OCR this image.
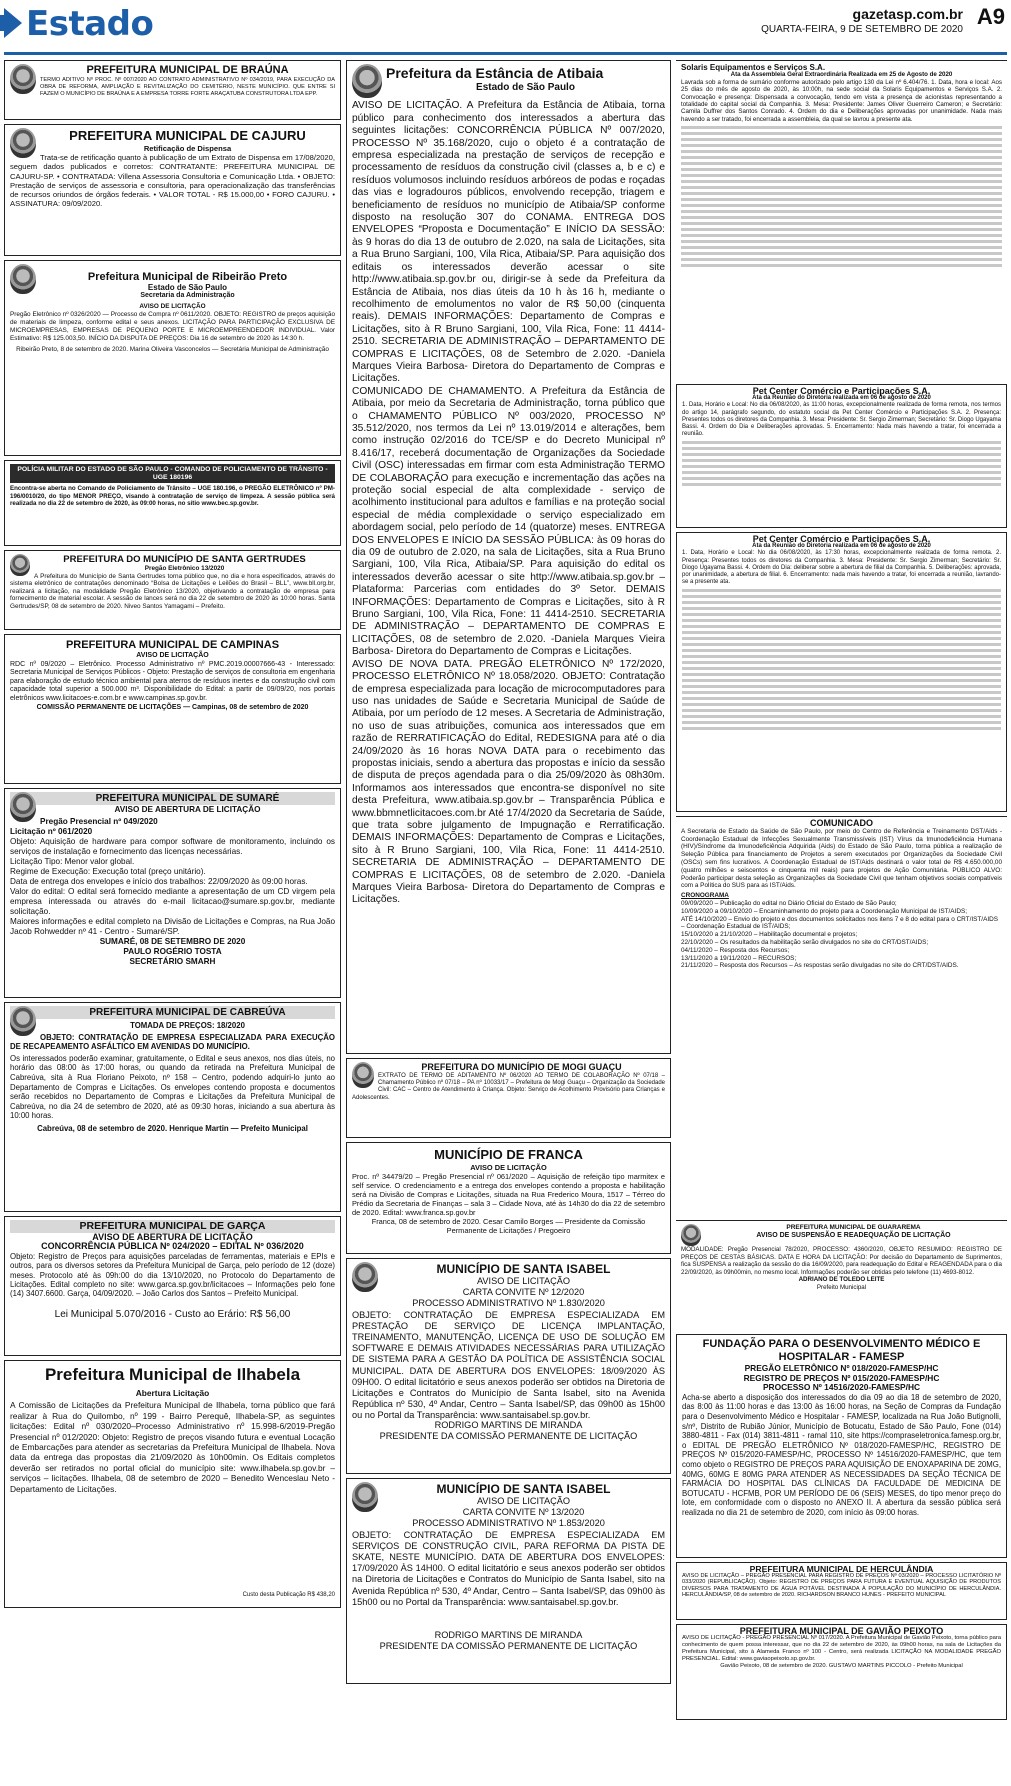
Estado	gazetasp.com.br
QUARTA-FEIRA, 9 DE SETEMBRO DE 2020
A9
PREFEITURA MUNICIPAL DE BRAÚNA
TERMO ADITIVO Nº PROC. Nº 007/2020 AO CONTRATO ADMINISTRATIVO Nº 034/2019, PARA EXECUÇÃO DA OBRA DE REFORMA, AMPLIAÇÃO E REVITALIZAÇÃO DO CEMITÉRIO, NESTE MUNICÍPIO. QUE ENTRE SI FAZEM O MUNICÍPIO DE BRAÚNA E A EMPRESA TORRE FORTE ARAÇATUBA CONSTRUTORA LTDA EPP.
PREFEITURA MUNICIPAL DE CAJURU
Retificação de Dispensa
Trata-se de retificação quanto à publicação de um Extrato de Dispensa em 17/08/2020, seguem dados publicados e corretos: CONTRATANTE: PREFEITURA MUNICIPAL DE CAJURU-SP. • CONTRATADA: Villena Assessoria Consultoria e Comunicação Ltda. • OBJETO: Prestação de serviços de assessoria e consultoria, para operacionalização das transferências de recursos oriundos de órgãos federais. • VALOR TOTAL - R$ 15.000,00 • FORO CAJURU. • ASSINATURA: 09/09/2020.
Prefeitura Municipal de Ribeirão Preto
Estado de São Paulo
Secretaria da Administração
AVISO DE LICITAÇÃO
Pregão Eletrônico nº 0326/2020 — Processo de Compra nº 0611/2020. OBJETO: REGISTRO de preços aquisição de materiais de limpeza, conforme edital e seus anexos. LICITAÇÃO PARA PARTICIPAÇÃO EXCLUSIVA DE MICROEMPRESAS, EMPRESAS DE PEQUENO PORTE E MICROEMPREENDEDOR INDIVIDUAL. Valor Estimativo: R$ 125.003,50. INÍCIO DA DISPUTA DE PREÇOS: Dia 16 de setembro de 2020 às 14:30 h.
Ribeirão Preto, 8 de setembro de 2020. Marina Oliveira Vasconcelos — Secretária Municipal de Administração
POLÍCIA MILITAR DO ESTADO DE SÃO PAULO - COMANDO DE POLICIAMENTO DE TRÂNSITO - UGE 180196
Encontra-se aberta no Comando de Policiamento de Trânsito – UGE 180.196, o PREGÃO ELETRÔNICO nº PM-196/0010/20, do tipo MENOR PREÇO, visando à contratação de serviço de limpeza. A sessão pública será realizada no dia 22 de setembro de 2020, às 09:00 horas, no sítio www.bec.sp.gov.br.
PREFEITURA DO MUNICÍPIO DE SANTA GERTRUDES
Pregão Eletrônico 13/2020
A Prefeitura do Município de Santa Gertrudes torna público que, no dia e hora especificados, através do sistema eletrônico de contratações denominado “Bolsa de Licitações e Leilões do Brasil – BLL”, www.bll.org.br, realizará a licitação, na modalidade Pregão Eletrônico 13/2020, objetivando a contratação de empresa para fornecimento de material escolar. A sessão de lances será no dia 22 de setembro de 2020 às 10:00 horas. Santa Gertrudes/SP, 08 de setembro de 2020. Niveo Santos Yamagami – Prefeito.
PREFEITURA MUNICIPAL DE CAMPINAS
AVISO DE LICITAÇÃO
RDC nº 09/2020 – Eletrônico. Processo Administrativo nº PMC.2019.00007666-43 - Interessado: Secretaria Municipal de Serviços Públicos - Objeto: Prestação de serviços de consultoria em engenharia para elaboração de estudo técnico ambiental para aterros de resíduos inertes e da construção civil com capacidade total superior a 500.000 m³. Disponibilidade do Edital: a partir de 09/09/20, nos portais eletrônicos www.licitacoes-e.com.br e www.campinas.sp.gov.br.
COMISSÃO PERMANENTE DE LICITAÇÕES — Campinas, 08 de setembro de 2020
PREFEITURA MUNICIPAL DE SUMARÉ
AVISO DE ABERTURA DE LICITAÇÃO
Pregão Presencial nº 049/2020
Licitação nº 061/2020
Objeto: Aquisição de hardware para compor software de monitoramento, incluindo os serviços de instalação e fornecimento das licenças necessárias.
Licitação Tipo: Menor valor global.
Regime de Execução: Execução total (preço unitário).
Data de entrega dos envelopes e início dos trabalhos: 22/09/2020 às 09:00 horas.
Valor do edital: O edital será fornecido mediante a apresentação de um CD virgem pela empresa interessada ou através do e-mail licitacao@sumare.sp.gov.br, mediante solicitação.
Maiores informações e edital completo na Divisão de Licitações e Compras, na Rua João Jacob Rohwedder nº 41 - Centro - Sumaré/SP.
SUMARÉ, 08 DE SETEMBRO DE 2020
PAULO ROGÉRIO TOSTA
SECRETÁRIO SMARH
PREFEITURA MUNICIPAL DE CABREÚVA
TOMADA DE PREÇOS: 18/2020
OBJETO: CONTRATAÇÃO DE EMPRESA ESPECIALIZADA PARA EXECUÇÃO DE RECAPEAMENTO ASFÁLTICO EM AVENIDAS DO MUNICÍPIO.
Os interessados poderão examinar, gratuitamente, o Edital e seus anexos, nos dias úteis, no horário das 08:00 às 17:00 horas, ou quando da retirada na Prefeitura Municipal de Cabreúva, sita à Rua Floriano Peixoto, nº 158 – Centro, podendo adquiri-lo junto ao Departamento de Compras e Licitações. Os envelopes contendo proposta e documentos serão recebidos no Departamento de Compras e Licitações da Prefeitura Municipal de Cabreúva, no dia 24 de setembro de 2020, até as 09:30 horas, iniciando a sua abertura às 10:00 horas.
Cabreúva, 08 de setembro de 2020. Henrique Martin — Prefeito Municipal
PREFEITURA MUNICIPAL DE GARÇA
AVISO DE ABERTURA DE LICITAÇÃO
CONCORRÊNCIA PÚBLICA Nº 024/2020 – EDITAL Nº 036/2020
Objeto: Registro de Preços para aquisições parceladas de ferramentas, materiais e EPIs e outros, para os diversos setores da Prefeitura Municipal de Garça, pelo período de 12 (doze) meses. Protocolo até às 09h:00 do dia 13/10/2020, no Protocolo do Departamento de Licitações. Edital completo no site: www.garca.sp.gov.br/licitacoes – Informações pelo fone (14) 3407.6600. Garça, 04/09/2020. – João Carlos dos Santos – Prefeito Municipal.
Lei Municipal 5.070/2016 - Custo ao Erário: R$ 56,00
Prefeitura Municipal de Ilhabela
Abertura Licitação
A Comissão de Licitações da Prefeitura Municipal de Ilhabela, torna público que fará realizar à Rua do Quilombo, nº 199 - Bairro Perequê, Ilhabela-SP, as seguintes licitações: Edital nº 030/2020–Processo Administrativo nº 15.998-6/2019-Pregão Presencial nº 012/2020: Objeto: Registro de preços visando futura e eventual Locação de Embarcações para atender as secretarias da Prefeitura Municipal de Ilhabela. Nova data da entrega das propostas dia 21/09/2020 às 10h00min. Os Editais completos deverão ser retirados no portal oficial do município site: www.ilhabela.sp.gov.br – serviços – licitações. Ilhabela, 08 de setembro de 2020 – Benedito Wenceslau Neto - Departamento de Licitações.
Custo desta Publicação R$ 438,20
Prefeitura da Estância de Atibaia
Estado de São Paulo
AVISO DE LICITAÇÃO. A Prefeitura da Estância de Atibaia, torna público para conhecimento dos interessados a abertura das seguintes licitações: CONCORRÊNCIA PÚBLICA Nº 007/2020, PROCESSO Nº 35.168/2020, cujo o objeto é a contratação de empresa especializada na prestação de serviços de recepção e processamento de resíduos da construção civil (classes a, b e c) e resíduos volumosos incluindo resíduos arbóreos de podas e roçadas das vias e logradouros públicos, envolvendo recepção, triagem e beneficiamento de resíduos no município de Atibaia/SP conforme disposto na resolução 307 do CONAMA. ENTREGA DOS ENVELOPES “Proposta e Documentação” E INÍCIO DA SESSÃO: às 9 horas do dia 13 de outubro de 2.020, na sala de Licitações, sita a Rua Bruno Sargiani, 100, Vila Rica, Atibaia/SP. Para aquisição dos editais os interessados deverão acessar o site http://www.atibaia.sp.gov.br ou, dirigir-se à sede da Prefeitura da Estância de Atibaia, nos dias úteis da 10 h às 16 h, mediante o recolhimento de emolumentos no valor de R$ 50,00 (cinquenta reais). DEMAIS INFORMAÇÕES: Departamento de Compras e Licitações, sito à R Bruno Sargiani, 100, Vila Rica, Fone: 11 4414-2510. SECRETARIA DE ADMINISTRAÇÃO – DEPARTAMENTO DE COMPRAS E LICITAÇÕES, 08 de Setembro de 2.020. -Daniela Marques Vieira Barbosa- Diretora do Departamento de Compras e Licitações.
COMUNICADO DE CHAMAMENTO. A Prefeitura da Estância de Atibaia, por meio da Secretaria de Administração, torna público que o CHAMAMENTO PÚBLICO Nº 003/2020, PROCESSO Nº 35.512/2020, nos termos da Lei nº 13.019/2014 e alterações, bem como instrução 02/2016 do TCE/SP e do Decreto Municipal nº 8.416/17, receberá documentação de Organizações da Sociedade Civil (OSC) interessadas em firmar com esta Administração TERMO DE COLABORAÇÃO para execução e incrementação das ações na proteção social especial de alta complexidade - serviço de acolhimento institucional para adultos e famílias e na proteção social especial de média complexidade o serviço especializado em abordagem social, pelo período de 14 (quatorze) meses. ENTREGA DOS ENVELOPES E INÍCIO DA SESSÃO PÚBLICA: às 09 horas do dia 09 de outubro de 2.020, na sala de Licitações, sita a Rua Bruno Sargiani, 100, Vila Rica, Atibaia/SP. Para aquisição do edital os interessados deverão acessar o site http://www.atibaia.sp.gov.br – Plataforma: Parcerias com entidades do 3º Setor. DEMAIS INFORMAÇÕES: Departamento de Compras e Licitações, sito à R Bruno Sargiani, 100, Vila Rica, Fone: 11 4414-2510. SECRETARIA DE ADMINISTRAÇÃO – DEPARTAMENTO DE COMPRAS E LICITAÇÕES, 08 de setembro de 2.020. -Daniela Marques Vieira Barbosa- Diretora do Departamento de Compras e Licitações.
AVISO DE NOVA DATA. PREGÃO ELETRÔNICO Nº 172/2020, PROCESSO ELETRÔNICO Nº 18.058/2020. OBJETO: Contratação de empresa especializada para locação de microcomputadores para uso nas unidades de Saúde e Secretaria Municipal de Saúde de Atibaia, por um período de 12 meses. A Secretaria de Administração, no uso de suas atribuições, comunica aos interessados que em razão de RERRATIFICAÇÃO do Edital, REDESIGNA para até o dia 24/09/2020 às 16 horas NOVA DATA para o recebimento das propostas iniciais, sendo a abertura das propostas e início da sessão de disputa de preços agendada para o dia 25/09/2020 às 08h30m. Informamos aos interessados que encontra-se disponível no site desta Prefeitura, www.atibaia.sp.gov.br – Transparência Pública e www.bbmnetlicitacoes.com.br Até 17/4/2020 da Secretaria de Saúde, que trata sobre julgamento de Impugnação e Rerratificação. DEMAIS INFORMAÇÕES: Departamento de Compras e Licitações, sito à R Bruno Sargiani, 100, Vila Rica, Fone: 11 4414-2510. SECRETARIA DE ADMINISTRAÇÃO – DEPARTAMENTO DE COMPRAS E LICITAÇÕES, 08 de setembro de 2.020. -Daniela Marques Vieira Barbosa- Diretora do Departamento de Compras e Licitações.
PREFEITURA DO MUNICÍPIO DE MOGI GUAÇU
EXTRATO DE TERMO DE ADITAMENTO Nº 06/2020 AO TERMO DE COLABORAÇÃO Nº 07/18 – Chamamento Público nº 07/18 – PA nº 10033/17 – Prefeitura de Mogi Guaçu – Organização da Sociedade Civil: CAC – Centro de Atendimento à Criança. Objeto: Serviço de Acolhimento Provisório para Crianças e Adolescentes.
MUNICÍPIO DE FRANCA
AVISO DE LICITAÇÃO
Proc. nº 34479/20 – Pregão Presencial nº 061/2020 – Aquisição de refeição tipo marmitex e self service. O credenciamento e a entrega dos envelopes contendo a proposta e habilitação será na Divisão de Compras e Licitações, situada na Rua Frederico Moura, 1517 – Térreo do Prédio da Secretaria de Finanças – sala 3 – Cidade Nova, até às 14h30 do dia 22 de setembro de 2020. Edital: www.franca.sp.gov.br
Franca, 08 de setembro de 2020. Cesar Camilo Borges — Presidente da Comissão Permanente de Licitações / Pregoeiro
MUNICÍPIO DE SANTA ISABEL
AVISO DE LICITAÇÃO
CARTA CONVITE Nº 12/2020
PROCESSO ADMINISTRATIVO Nº 1.830/2020
OBJETO: CONTRATAÇÃO DE EMPRESA ESPECIALIZADA EM PRESTAÇÃO DE SERVIÇO DE LICENÇA IMPLANTAÇÃO, TREINAMENTO, MANUTENÇÃO, LICENÇA DE USO DE SOLUÇÃO EM SOFTWARE E DEMAIS ATIVIDADES NECESSÁRIAS PARA UTILIZAÇÃO DE SISTEMA PARA A GESTÃO DA POLÍTICA DE ASSISTÊNCIA SOCIAL MUNICIPAL. DATA DE ABERTURA DOS ENVELOPES: 18/09/2020 ÀS 09H00. O edital licitatório e seus anexos poderão ser obtidos na Diretoria de Licitações e Contratos do Município de Santa Isabel, sito na Avenida República nº 530, 4º Andar, Centro – Santa Isabel/SP, das 09h00 às 15h00 ou no Portal da Transparência: www.santaisabel.sp.gov.br.
RODRIGO MARTINS DE MIRANDA
PRESIDENTE DA COMISSÃO PERMANENTE DE LICITAÇÃO
MUNICÍPIO DE SANTA ISABEL
AVISO DE LICITAÇÃO
CARTA CONVITE Nº 13/2020
PROCESSO ADMINISTRATIVO Nº 1.853/2020
OBJETO: CONTRATAÇÃO DE EMPRESA ESPECIALIZADA EM SERVIÇOS DE CONSTRUÇÃO CIVIL, PARA REFORMA DA PISTA DE SKATE, NESTE MUNICÍPIO. DATA DE ABERTURA DOS ENVELOPES: 17/09/2020 ÀS 14H00. O edital licitatório e seus anexos poderão ser obtidos na Diretoria de Licitações e Contratos do Município de Santa Isabel, sito na Avenida República nº 530, 4º Andar, Centro – Santa Isabel/SP, das 09h00 às 15h00 ou no Portal da Transparência: www.santaisabel.sp.gov.br.
RODRIGO MARTINS DE MIRANDA
PRESIDENTE DA COMISSÃO PERMANENTE DE LICITAÇÃO
Solaris Equipamentos e Serviços S.A.
Ata da Assembleia Geral Extraordinária Realizada em 25 de Agosto de 2020
Lavrada sob a forma de sumário conforme autorizado pelo artigo 130 da Lei nº 6.404/76. 1. Data, hora e local: Aos 25 dias do mês de agosto de 2020, às 10:00h, na sede social da Solaris Equipamentos e Serviços S.A. 2. Convocação e presença: Dispensada a convocação, tendo em vista a presença de acionistas representando a totalidade do capital social da Companhia. 3. Mesa: Presidente: James Oliver Guerreiro Cameron; e Secretário: Camila Duffrer dos Santos Conrado. 4. Ordem do dia e Deliberações aprovadas por unanimidade. Nada mais havendo a ser tratado, foi encerrada a assembleia, da qual se lavrou a presente ata.
Pet Center Comércio e Participações S.A.
Ata da Reunião do Diretoria realizada em 06 de agosto de 2020
1. Data, Horário e Local: No dia 06/08/2020, às 11:00 horas, excepcionalmente realizada de forma remota, nos termos do artigo 14, parágrafo segundo, do estatuto social da Pet Center Comércio e Participações S.A. 2. Presença: Presentes todos os diretores da Companhia. 3. Mesa: Presidente: Sr. Sergio Zimerman; Secretário: Sr. Diogo Ugayama Bassi. 4. Ordem do Dia e Deliberações aprovadas. 5. Encerramento: Nada mais havendo a tratar, foi encerrada a reunião.
Pet Center Comércio e Participações S.A.
Ata da Reunião do Diretoria realizada em 06 de agosto de 2020
1. Data, Horário e Local: No dia 06/08/2020, às 17:30 horas, excepcionalmente realizada de forma remota. 2. Presença: Presentes todos os diretores da Companhia. 3. Mesa: Presidente: Sr. Sergio Zimerman; Secretário: Sr. Diogo Ugayama Bassi. 4. Ordem do Dia: deliberar sobre a abertura de filial da Companhia. 5. Deliberações: aprovada, por unanimidade, a abertura de filial. 6. Encerramento: nada mais havendo a tratar, foi encerrada a reunião, lavrando-se a presente ata.
COMUNICADO
A Secretaria de Estado da Saúde de São Paulo, por meio do Centro de Referência e Treinamento DST/Aids - Coordenação Estadual de Infecções Sexualmente Transmissíveis (IST) Vírus da Imunodeficiência Humana (HIV)/Síndrome da Imunodeficiência Adquirida (Aids) do Estado de São Paulo, torna pública a realização de Seleção Pública para financiamento de Projetos a serem executados por Organizações da Sociedade Civil (OSCs) sem fins lucrativos. A Coordenação Estadual de IST/Aids destinará o valor total de R$ 4.650.000,00 (quatro milhões e seiscentos e cinquenta mil reais) para projetos de Ação Comunitária. PÚBLICO ALVO: Poderão participar desta seleção as Organizações da Sociedade Civil que tenham objetivos sociais compatíveis com a Política do SUS para as IST/Aids.
CRONOGRAMA
09/09/2020 – Publicação do edital no Diário Oficial do Estado de São Paulo;
10/09/2020 a 09/10/2020 – Encaminhamento do projeto para a Coordenação Municipal de IST/AIDS;
ATÉ 14/10/2020 – Envio do projeto e dos documentos solicitados nos itens 7 e 8 do edital para o CRT/IST/AIDS – Coordenação Estadual de IST/AIDS;
15/10/2020 a 21/10/2020 – Habilitação documental e projetos;
22/10/2020 – Os resultados da habilitação serão divulgados no site do CRT/DST/AIDS;
04/11/2020 – Resposta dos Recursos;
13/11/2020 a 19/11/2020 – RECURSOS;
21/11/2020 – Resposta dos Recursos – As respostas serão divulgadas no site do CRT/DST/AIDS.
PREFEITURA MUNICIPAL DE GUARAREMA
AVISO DE SUSPENSÃO E READEQUAÇÃO DE LICITAÇÃO
MODALIDADE: Pregão Presencial 78/2020, PROCESSO: 4360/2020, OBJETO RESUMIDO: REGISTRO DE PREÇOS DE CESTAS BÁSICAS. DATA E HORA DA LICITAÇÃO: Por decisão do Departamento de Suprimentos, fica SUSPENSA a realização da sessão do dia 16/09/2020, para readequação do Edital e REAGENDADA para o dia 22/09/2020, às 09h00min, no mesmo local. Informações poderão ser obtidas pelo telefone (11) 4693-8012.
ADRIANO DE TOLEDO LEITE
Prefeito Municipal
FUNDAÇÃO PARA O DESENVOLVIMENTO MÉDICO E HOSPITALAR - FAMESP
PREGÃO ELETRÔNICO Nº 018/2020-FAMESP/HC
REGISTRO DE PREÇOS Nº 015/2020-FAMESP/HC
PROCESSO Nº 14516/2020-FAMESP/HC
Acha-se aberto a disposição dos interessados do dia 09 ao dia 18 de setembro de 2020, das 8:00 às 11:00 horas e das 13:00 às 16:00 horas, na Seção de Compras da Fundação para o Desenvolvimento Médico e Hospitalar - FAMESP, localizada na Rua João Butignolli, s/nº, Distrito de Rubião Júnior, Município de Botucatu, Estado de São Paulo, Fone (014) 3880-4811 - Fax (014) 3811-4811 - ramal 110, site https://compraseletronica.famesp.org.br, o EDITAL DE PREGÃO ELETRÔNICO Nº 018/2020-FAMESP/HC, REGISTRO DE PREÇOS Nº 015/2020-FAMESP/HC, PROCESSO Nº 14516/2020-FAMESP/HC, que tem como objeto o REGISTRO DE PREÇOS PARA AQUISIÇÃO DE ENOXAPARINA DE 20MG, 40MG, 60MG E 80MG PARA ATENDER AS NECESSIDADES DA SEÇÃO TÉCNICA DE FARMÁCIA DO HOSPITAL DAS CLÍNICAS DA FACULDADE DE MEDICINA DE BOTUCATU - HCFMB, POR UM PERÍODO DE 06 (SEIS) MESES, do tipo menor preço do lote, em conformidade com o disposto no ANEXO II. A abertura da sessão pública será realizada no dia 21 de setembro de 2020, com início às 09:00 horas.
PREFEITURA MUNICIPAL DE HERCULÂNDIA
AVISO DE LICITAÇÃO – PREGÃO PRESENCIAL PARA REGISTRO DE PREÇOS Nº 03/2020 – PROCESSO LICITATÓRIO Nº 033/2020 (REPUBLICAÇÃO). Objeto: REGISTRO DE PREÇOS PARA FUTURA E EVENTUAL AQUISIÇÃO DE PRODUTOS DIVERSOS PARA TRATAMENTO DE ÁGUA POTÁVEL DESTINADA À POPULAÇÃO DO MUNICÍPIO DE HERCULÂNDIA. HERCULÂNDIA/SP, 08 de setembro de 2020. RICHARDSON BRANCO HUNES - PREFEITO MUNICIPAL
PREFEITURA MUNICIPAL DE GAVIÃO PEIXOTO
AVISO DE LICITAÇÃO - PREGÃO PRESENCIAL Nº 017/2020. A Prefeitura Municipal de Gavião Peixoto, torna público para conhecimento de quem possa interessar, que no dia 22 de setembro de 2020, às 09h00 horas, na sala de Licitações da Prefeitura Municipal, sito à Alameda Franco nº 100 - Centro, será realizada LICITAÇÃO NA MODALIDADE PREGÃO PRESENCIAL. Edital: www.gaviaopeixoto.sp.gov.br.
Gavião Peixoto, 08 de setembro de 2020. GUSTAVO MARTINS PICCOLO - Prefeito Municipal
